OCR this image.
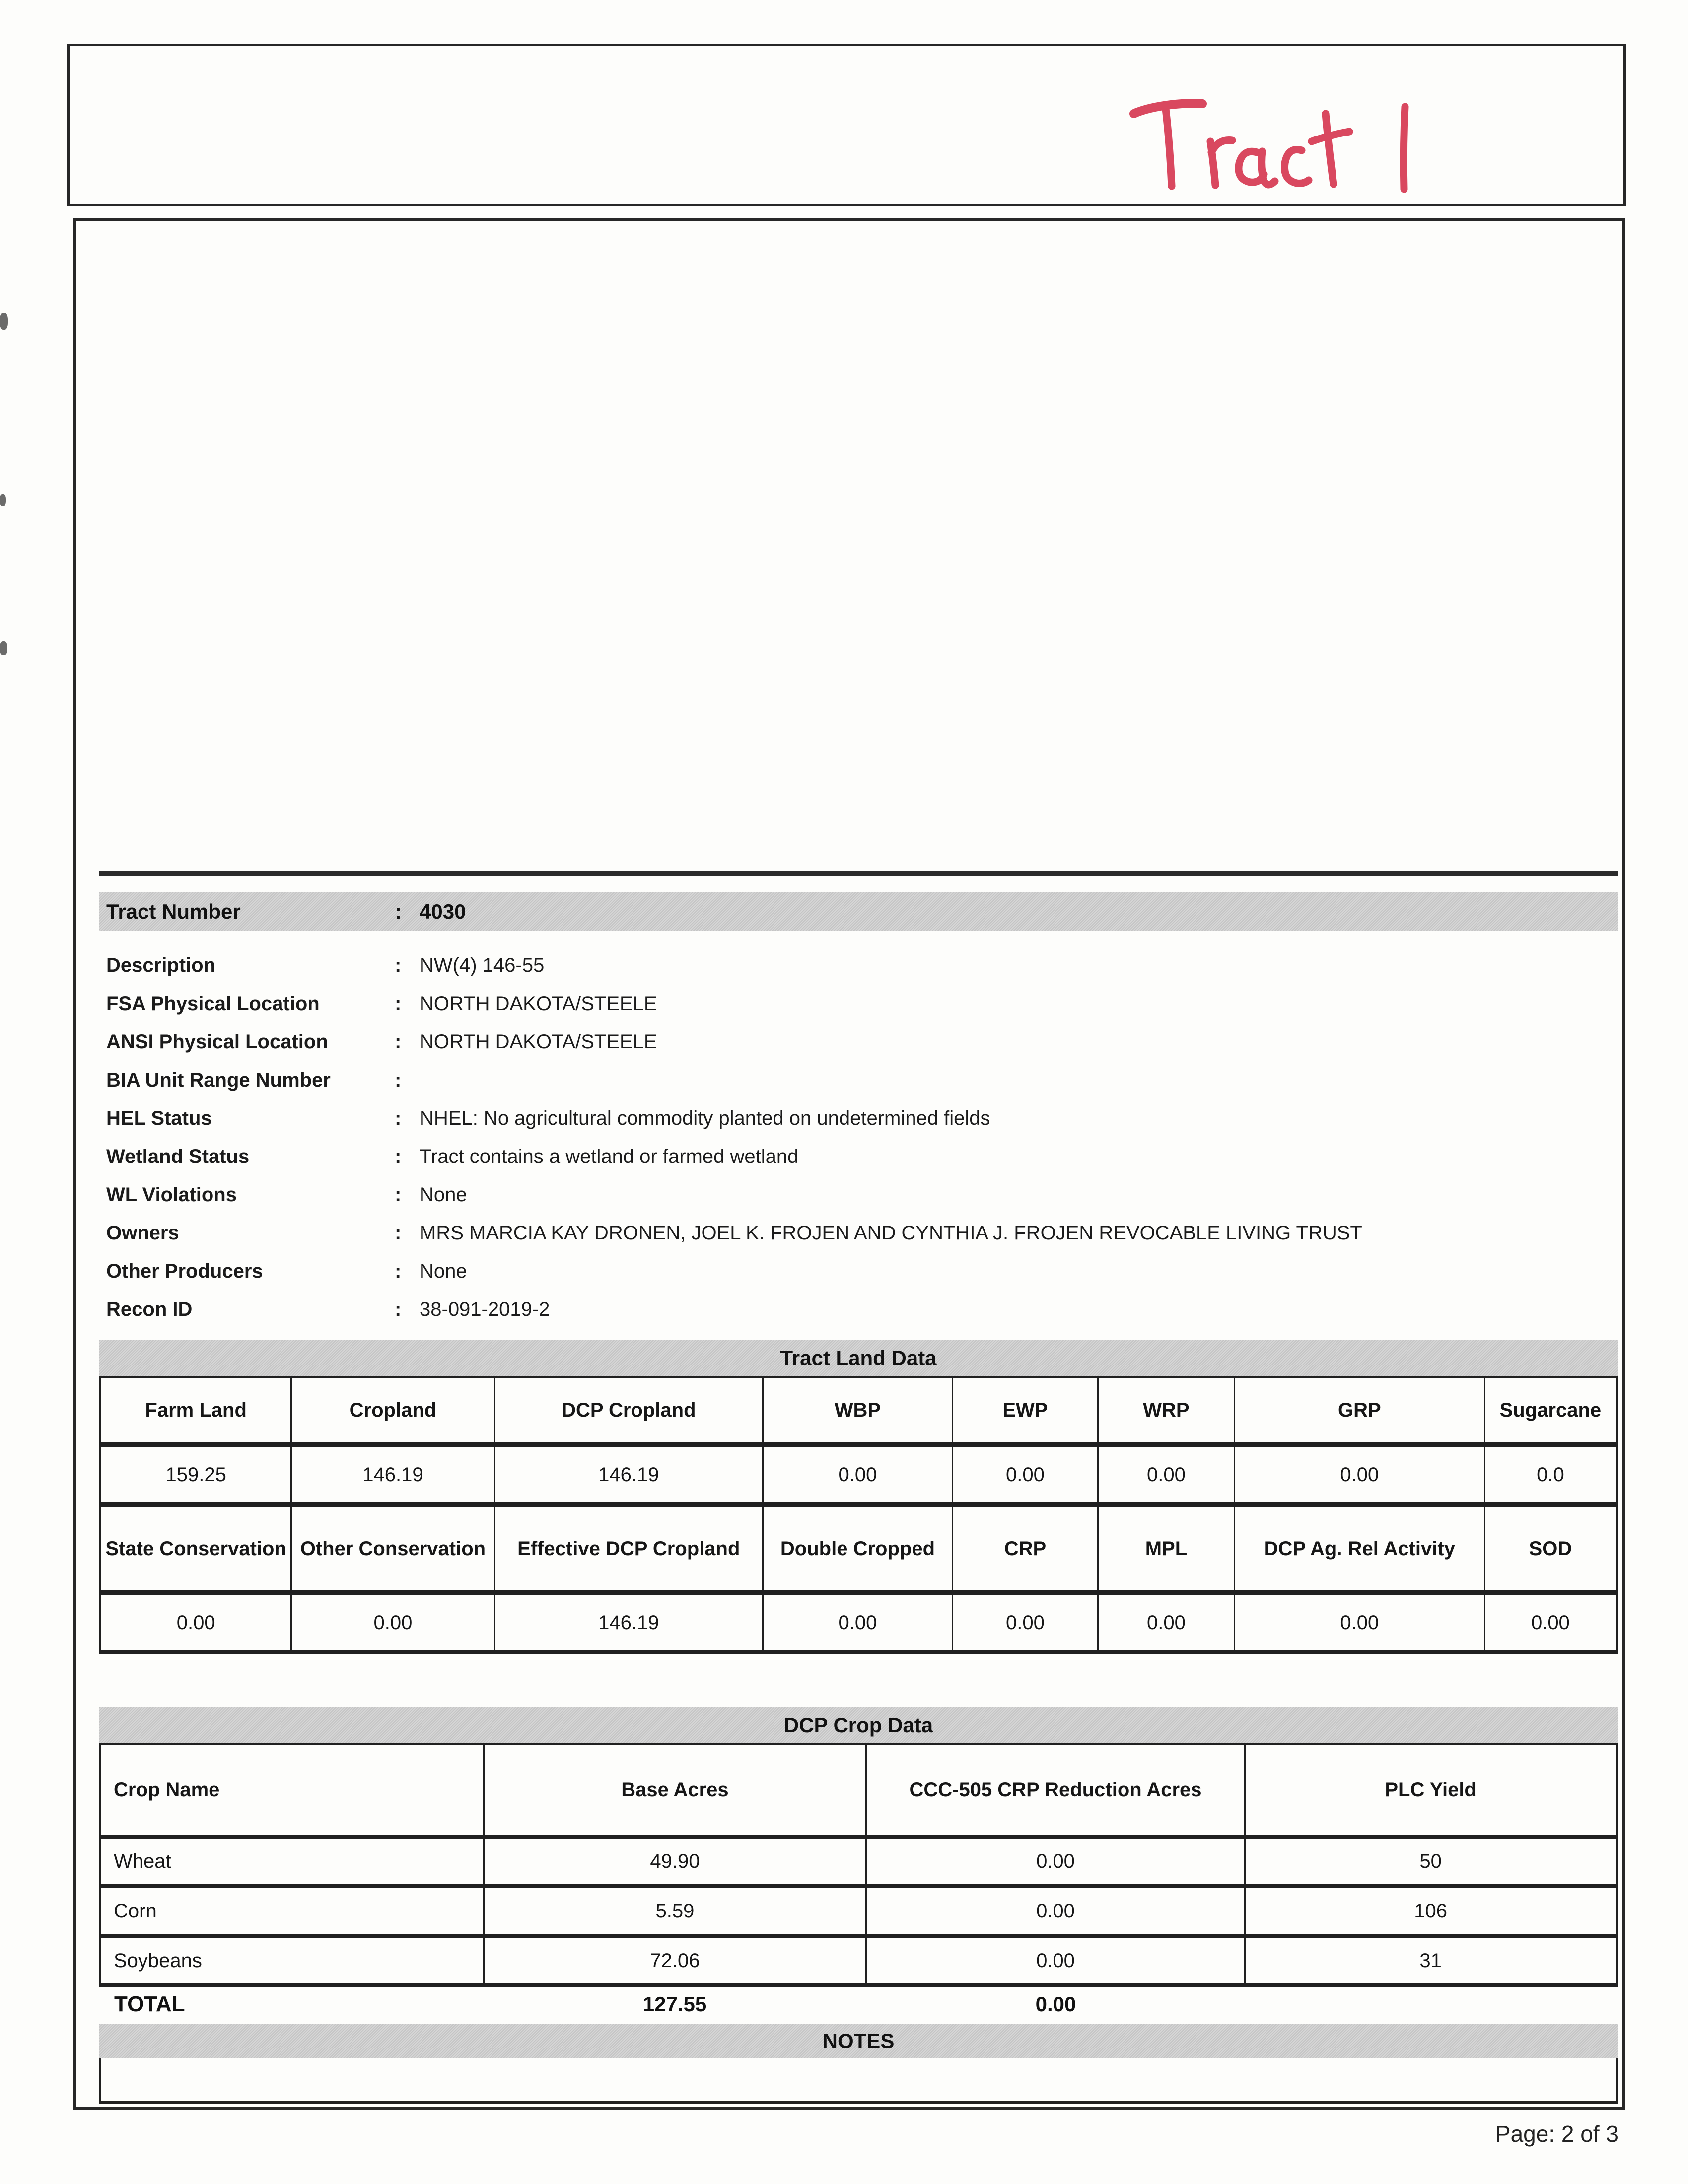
Tract Number	: 4030
Description	: NW(4) 146-55
FSA Physical Location	: NORTH DAKOTA/STEELE
ANSI Physical Location	: NORTH DAKOTA/STEELE
BIA Unit Range Number	:
HEL Status	: NHEL: No agricultural commodity planted on undetermined fields
Wetland Status	: Tract contains a wetland or farmed wetland
WL Violations	: None
Owners	: MRS MARCIA KAY DRONEN, JOEL K. FROJEN AND CYNTHIA J. FROJEN REVOCABLE LIVING TRUST
Other Producers	: None
Recon ID	: 38-091-2019-2
Tract Land Data
Farm Land	Cropland	DCP Cropland	WBP	EWP	WRP	GRP	Sugarcane
159.25	146.19	146.19	0.00	0.00	0.00	0.00	0.0
State Conservation	Other Conservation	Effective DCP Cropland	Double Cropped	CRP	MPL	DCP Ag. Rel Activity	SOD
0.00	0.00	146.19	0.00	0.00	0.00	0.00	0.00
DCP Crop Data
Crop Name	Base Acres	CCC-505 CRP Reduction Acres	PLC Yield
Wheat	49.90	0.00	50
Corn	5.59	0.00	106
Soybeans	72.06	0.00	31
TOTAL	127.55	0.00
NOTES
Page: 2 of 3
